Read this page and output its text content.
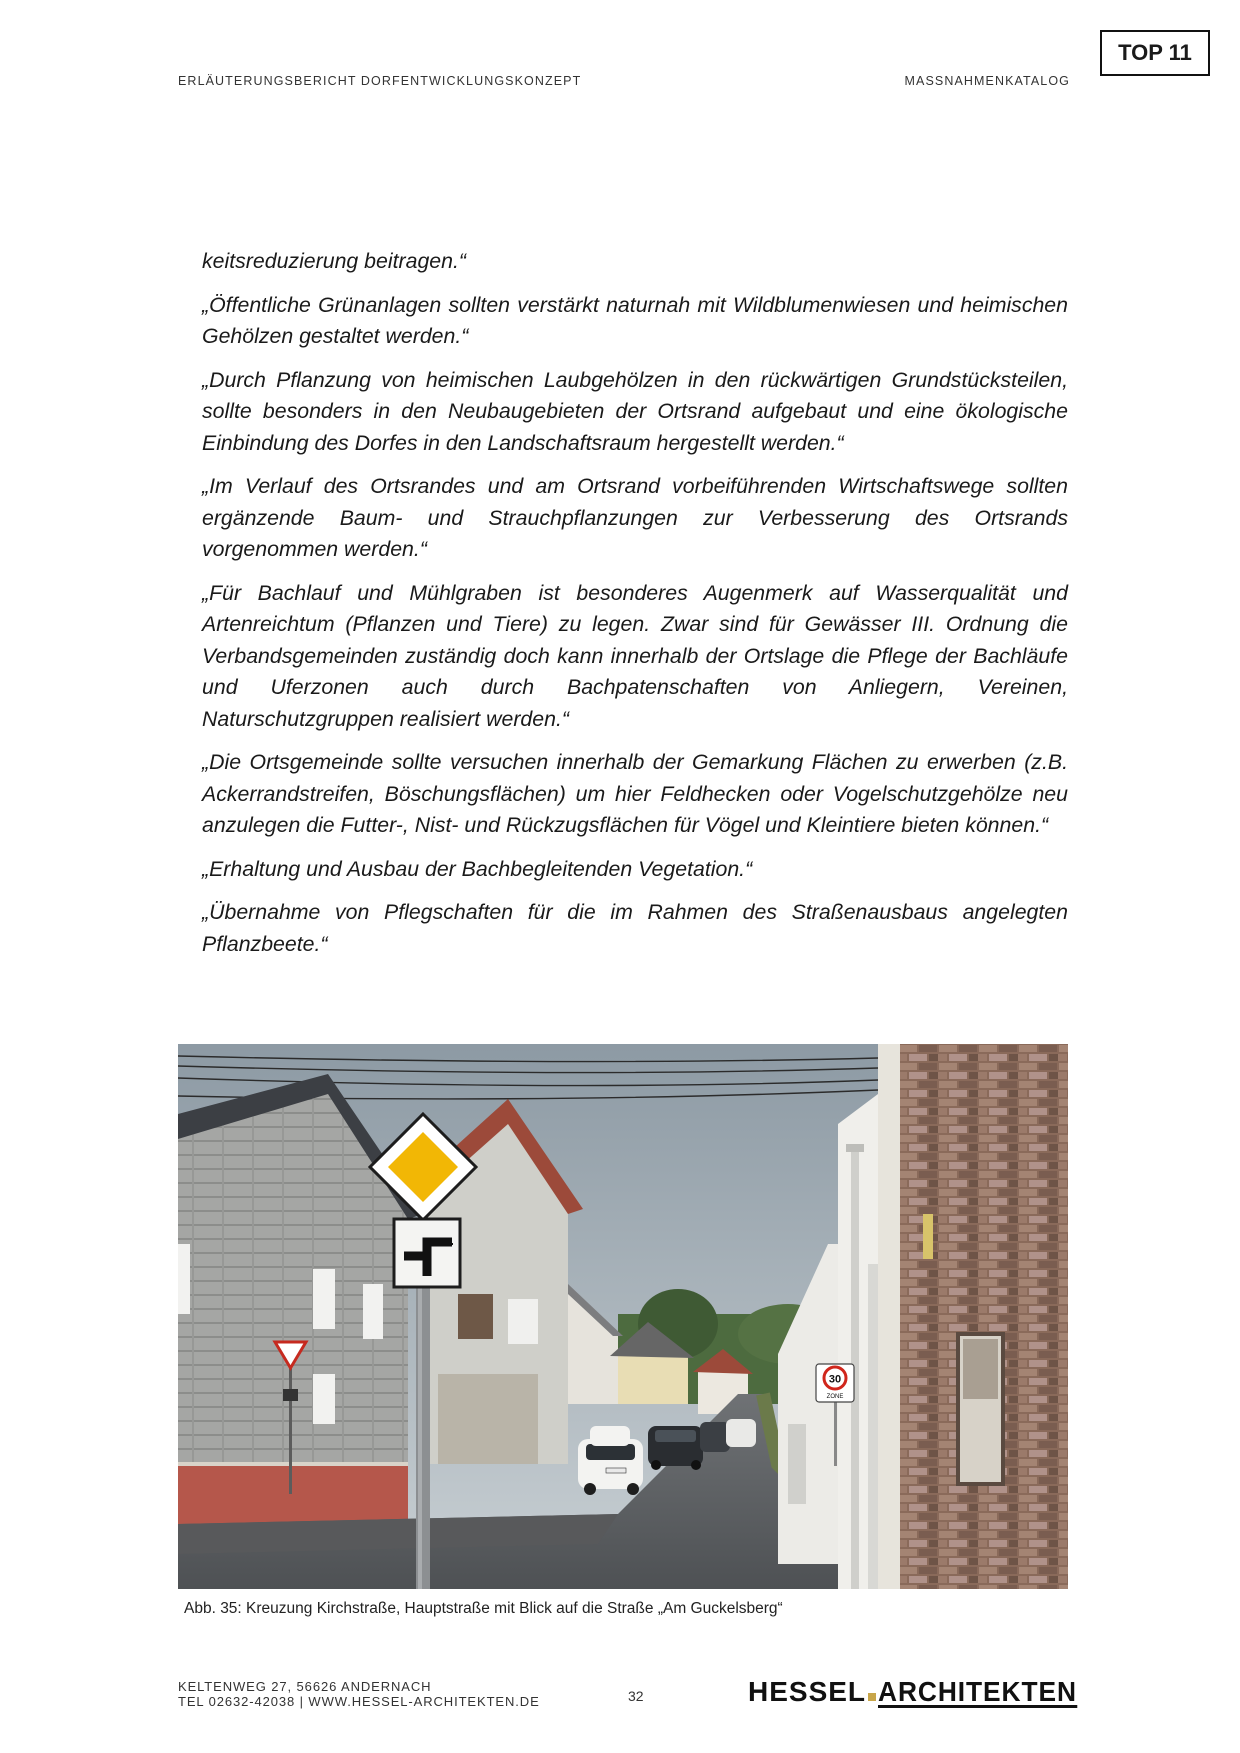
ERLÄUTERUNGSBERICHT DORFENTWICKLUNGSKONZEPT	MASSNAHMENKATALOG
TOP 11

keitsreduzierung beitragen.“

„Öffentliche Grünanlagen sollten verstärkt naturnah mit Wildblumenwiesen und heimischen Gehölzen gestaltet werden.“

„Durch Pflanzung von heimischen Laubgehölzen in den rückwärtigen Grundstücksteilen, sollte besonders in den Neubaugebieten der Ortsrand aufgebaut und eine ökologische Einbindung des Dorfes in den Landschaftsraum hergestellt werden.“

„Im Verlauf des Ortsrandes und am Ortsrand vorbeiführenden Wirtschaftswege sollten ergänzende Baum- und Strauchpflanzungen zur Verbesserung des Ortsrands vorgenommen werden.“

„Für Bachlauf und Mühlgraben ist besonderes Augenmerk auf Wasserqualität und Artenreichtum (Pflanzen und Tiere) zu legen. Zwar sind für Gewässer III. Ordnung die Verbandsgemeinden zuständig doch kann innerhalb der Ortslage die Pflege der Bachläufe und Uferzonen auch durch Bachpatenschaften von Anliegern, Vereinen, Naturschutzgruppen realisiert werden.“

„Die Ortsgemeinde sollte versuchen innerhalb der Gemarkung Flächen zu erwerben (z.B. Ackerrandstreifen, Böschungsflächen) um hier Feldhecken oder Vogelschutzgehölze neu anzulegen die Futter-, Nist- und Rückzugsflächen für Vögel und Kleintiere bieten können.“

„Erhaltung und Ausbau der Bachbegleitenden Vegetation.“

„Übernahme von Pflegschaften für die im Rahmen des Straßenausbaus angelegten Pflanzbeete.“

30
ZONE
Abb. 35: Kreuzung Kirchstraße, Hauptstraße mit Blick auf die Straße „Am Guckelsberg“
KELTENWEG 27, 56626 ANDERNACH
TEL 02632-42038 | WWW.HESSEL-ARCHITEKTEN.DE	32	HESSEL ARCHITEKTEN
